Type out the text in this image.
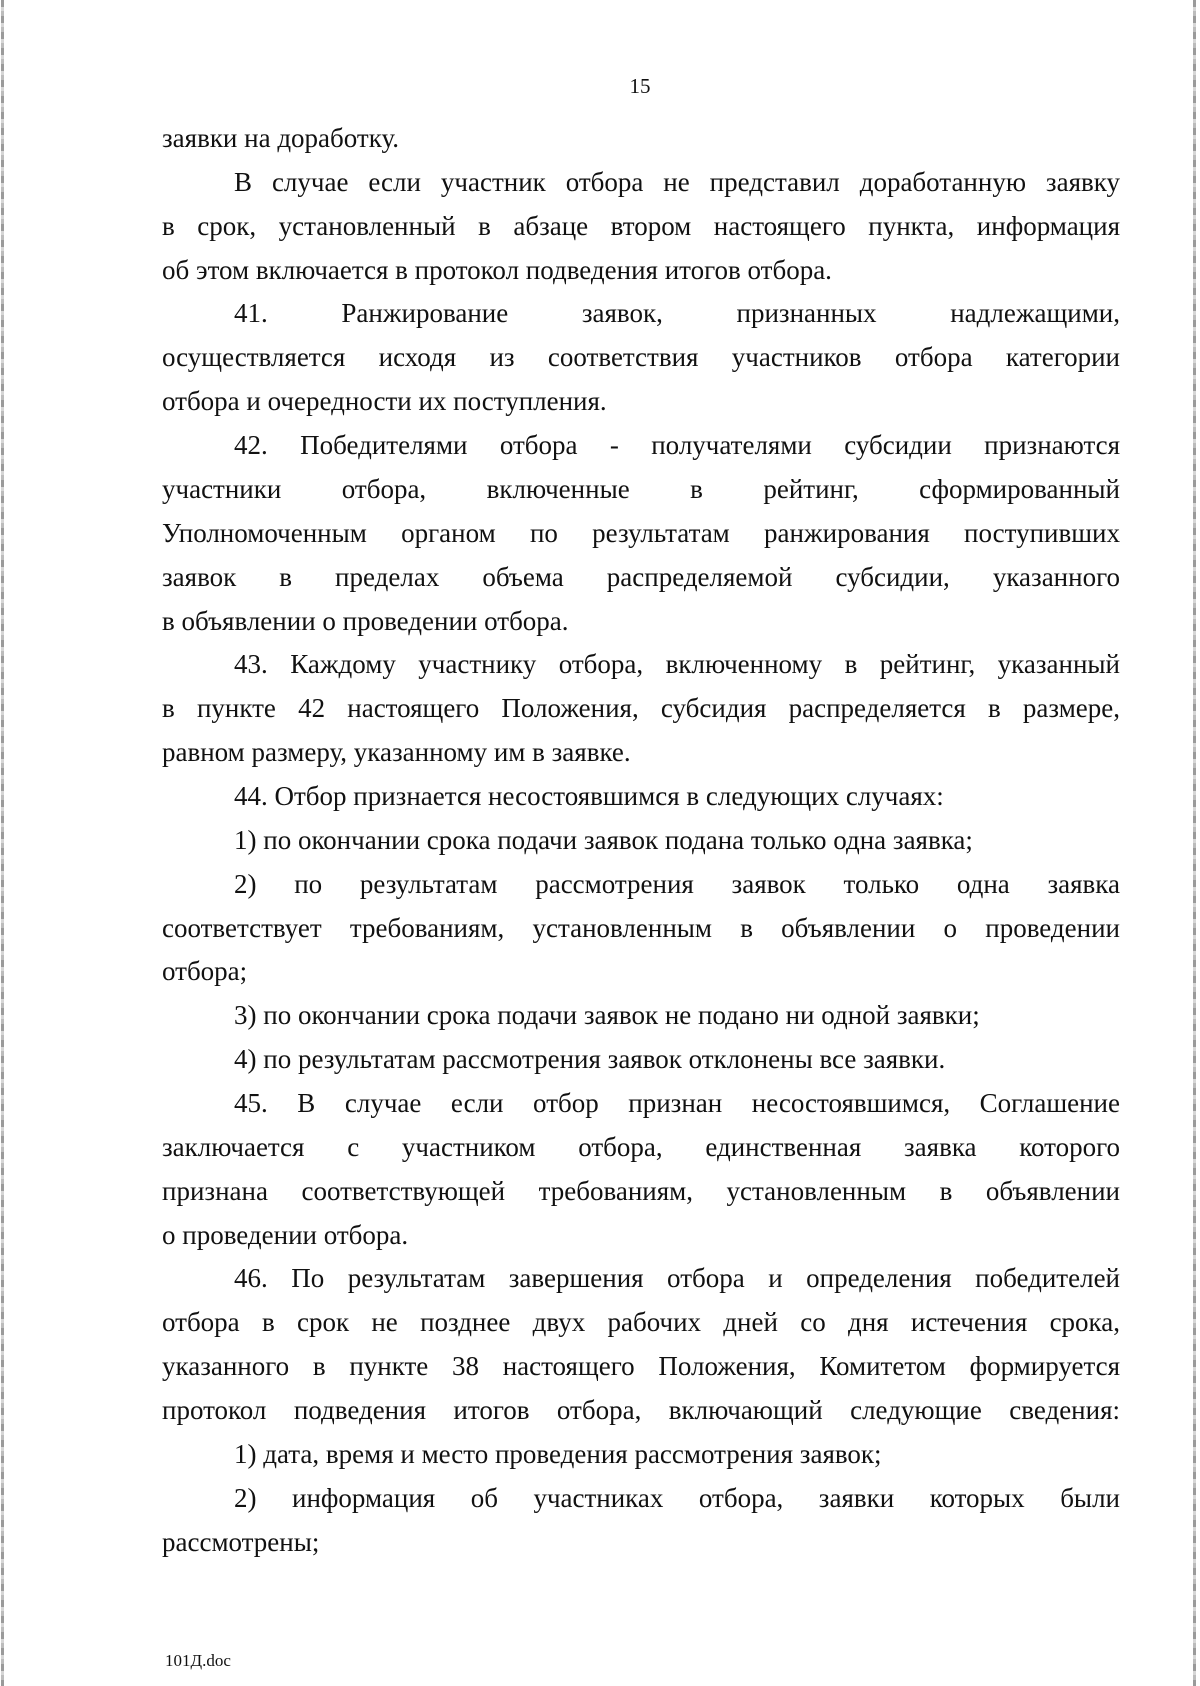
15

заявки на доработку.

В случае если участник отбора не представил доработанную заявку

в срок, установленный в абзаце втором настоящего пункта, информация

об этом включается в протокол подведения итогов отбора.

41. Ранжирование заявок, признанных надлежащими,

осуществляется исходя из соответствия участников отбора категории

отбора и очередности их поступления.

42. Победителями отбора - получателями субсидии признаются

участники отбора, включенные в рейтинг, сформированный

Уполномоченным органом по результатам ранжирования поступивших

заявок в пределах объема распределяемой субсидии, указанного

в объявлении о проведении отбора.

43. Каждому участнику отбора, включенному в рейтинг, указанный

в пункте 42 настоящего Положения, субсидия распределяется в размере,

равном размеру, указанному им в заявке.

44. Отбор признается несостоявшимся в следующих случаях:

1) по окончании срока подачи заявок подана только одна заявка;

2) по результатам рассмотрения заявок только одна заявка

соответствует требованиям, установленным в объявлении о проведении

отбора;

3) по окончании срока подачи заявок не подано ни одной заявки;

4) по результатам рассмотрения заявок отклонены все заявки.

45. В случае если отбор признан несостоявшимся, Соглашение

заключается с участником отбора, единственная заявка которого

признана соответствующей требованиям, установленным в объявлении

о проведении отбора.

46. По результатам завершения отбора и определения победителей

отбора в срок не позднее двух рабочих дней со дня истечения срока,

указанного в пункте 38 настоящего Положения, Комитетом формируется

протокол подведения итогов отбора, включающий следующие сведения:

1) дата, время и место проведения рассмотрения заявок;

2) информация об участниках отбора, заявки которых были

рассмотрены;

101Д.doc
